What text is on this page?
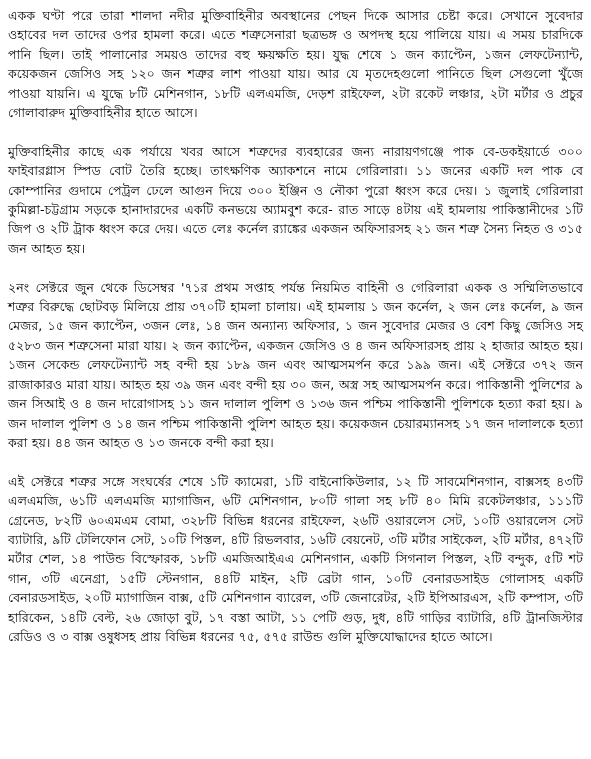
একক ঘণ্টা পরে তারা শালদা নদীর মুক্তিবাহিনীর অবস্থানের পেছন দিকে আসার চেষ্টা করে। সেখানে সুবেদার ওহাবের দল তাদের ওপর হামলা করে। এতে শত্রুসেনারা ছত্রভঙ্গ ও অপদস্থ হয়ে পালিয়ে যায়। এ সময় চারদিকে পানি ছিল। তাই পালানোর সময়ও তাদের বহু ক্ষয়ক্ষতি হয়। যুদ্ধ শেষে ১ জন ক্যাপ্টেন, ১জন লেফটেন্যান্ট, কয়েকজন জেসিও সহ ১২০ জন শত্রুর লাশ পাওয়া যায়। আর যে মৃতদেহগুলো পানিতে ছিল সেগুলো খুঁজে পাওয়া যায়নি। এ যুদ্ধে ৮টি মেশিনগান, ১৮টি এলএমজি, দেড়শ রাইফেল, ২টা রকেট লঞ্চার, ২টা মর্টার ও প্রচুর গোলাবারুদ মুক্তিবাহিনীর হাতে আসে।

মুক্তিবাহিনীর কাছে এক পর্যায়ে খবর আসে শত্রুদের ব্যবহারের জন্য নারায়ণগঞ্জে পাক বে-ডকইয়ার্ডে ৩০০ ফাইবারগ্লাস স্পিড বোট তৈরি হচ্ছে। তাৎক্ষণিক অ্যাকশনে নামে গেরিলারা। ১১ জনের একটি দল পাক বে কোম্পানির গুদামে পেট্রল ঢেলে আগুন দিয়ে ৩০০ ইঞ্জিন ও নৌকা পুরো ধ্বংস করে দেয়। ১ জুলাই গেরিলারা কুমিল্লা-চট্টগ্রাম সড়কে হানাদারদের একটি কনভয়ে অ্যামবুশ করে- রাত সাড়ে ৪টায় এই হামলায় পাকিস্তানীদের ১টি জিপ ও ২টি ট্রাক ধ্বংস করে দেয়। এতে লেঃ কর্নেল র‍্যাঙ্কের একজন অফিসারসহ ২১ জন শত্রু সৈন্য নিহত ও ৩১৫ জন আহত হয়।

২নং সেক্টরে জুন থেকে ডিসেম্বর '৭১র প্রথম সপ্তাহ পর্যন্ত নিয়মিত বাহিনী ও গেরিলারা একক ও সম্মিলিতভাবে শত্রুর বিরুদ্ধে ছোটবড় মিলিয়ে প্রায় ৩৭০টি হামলা চালায়। এই হামলায় ১ জন কর্নেল, ২ জন লেঃ কর্নেল, ৯ জন মেজর, ১৫ জন ক্যাপ্টেন, ৩জন লেঃ, ১৪ জন অন্যান্য অফিসার, ১ জন সুবেদার মেজর ও বেশ কিছু জেসিও সহ ৫২৮৩ জন শত্রুসেনা মারা যায়। ২ জন ক্যাপ্টেন, একজন জেসিও ও ৪ জন অফিসারসহ প্রায় ২ হাজার আহত হয়। ১জন সেকেন্ড লেফটেন্যান্ট সহ বন্দী হয় ১৮৯ জন এবং আত্মসমর্পন করে ১৯৯ জন। এই সেক্টরে ৩৭২ জন রাজাকারও মারা যায়। আহত হয় ৩৯ জন এবং বন্দী হয় ৩০ জন, অস্ত্র সহ আত্মসমর্পন করে। পাকিস্তানী পুলিশের ৯ জন সিআই ও ৪ জন দারোগাসহ ১১ জন দালাল পুলিশ ও ১৩৬ জন পশ্চিম পাকিস্তানী পুলিশকে হত্যা করা হয়। ৯ জন দালাল পুলিশ ও ১৪ জন পশ্চিম পাকিস্তানী পুলিশ আহত হয়। কয়েকজন চেয়ারম্যানসহ ১৭ জন দালালকে হত্যা করা হয়। ৪৪ জন আহত ও ১৩ জনকে বন্দী করা হয়।

এই সেক্টরে শত্রুর সঙ্গে সংঘর্ষের শেষে ১টি ক্যামেরা, ১টি বাইনোকিউলার, ১২ টি সাবমেশিনগান, বাক্সসহ ৪৩টি এলএমজি, ৬১টি এলএমজি ম্যাগাজিন, ৬টি মেশিনগান, ৮০টি গালা সহ ৮টি ৪০ মিমি রকেটলঞ্চার, ১১১টি গ্রেনেড, ৮২টি ৬০এমএম বোমা, ৩২৮টি বিভিন্ন ধরনের রাইফেল, ২৬টি ওয়ারলেস সেট, ১০টি ওয়ারলেস সেট ব্যাটারি, ৯টি টেলিফোন সেট, ১০টি পিস্তল, ৪টি রিভলবার, ১৬টি বেয়নেট, ৩টি মর্টার সাইকেল, ২টি মর্টার, ৪৭২টি মর্টার শেল, ১৪ পাউন্ড বিস্ফোরক, ১৮টি এমজিআইএএ মেশিনগান, একটি সিগনাল পিস্তল, ২টি বন্দুক, ৫টি শট গান, ৩টি এনেগ্রা, ১৫টি স্টেনগান, ৪৪টি মাইন, ২টি ব্রেটা গান, ১০টি বেনারডসাইড গোলাসহ একটি বেনারডসাইড, ২০টি ম্যাগাজিন বাক্স, ৫টি মেশিনগান ব্যারেল, ৩টি জেনারেটর, ২টি ইপিআরএস, ২টি কম্পাস, ৩টি হারিকেন, ১৪টি বেল্ট, ২৬ জোড়া বুট, ১৭ বস্তা আটা, ১১ পেটি গুড়, দুধ, ৪টি গাড়ির ব্যাটারি, ৪টি ট্রানজিস্টার রেডিও ও ৩ বাক্স ওষুধসহ প্রায় বিভিন্ন ধরনের ৭৫, ৫৭৫ রাউন্ড গুলি মুক্তিযোদ্ধাদের হাতে আসে।
